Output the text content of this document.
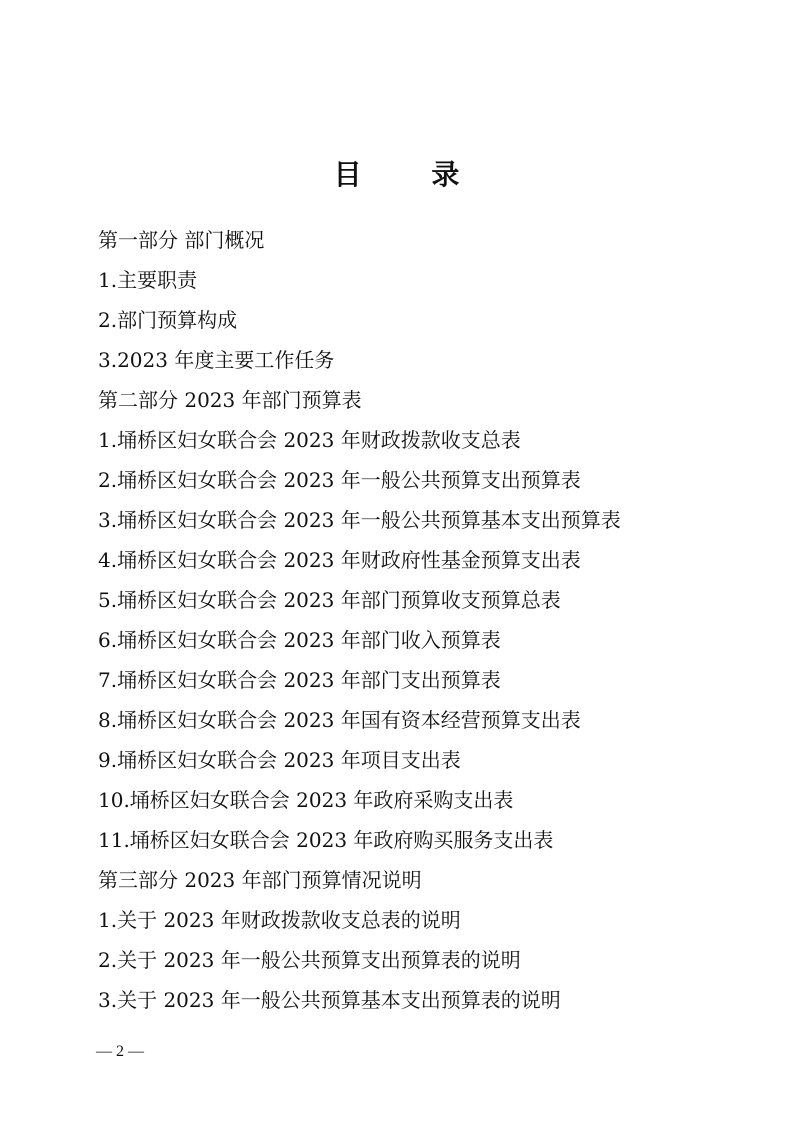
目 录
第一部分 部门概况
1.主要职责
2.部门预算构成
3.2023 年度主要工作任务
第二部分 2023 年部门预算表
1.埇桥区妇女联合会 2023 年财政拨款收支总表
2.埇桥区妇女联合会 2023 年一般公共预算支出预算表
3.埇桥区妇女联合会 2023 年一般公共预算基本支出预算表
4.埇桥区妇女联合会 2023 年财政府性基金预算支出表
5.埇桥区妇女联合会 2023 年部门预算收支预算总表
6.埇桥区妇女联合会 2023 年部门收入预算表
7.埇桥区妇女联合会 2023 年部门支出预算表
8.埇桥区妇女联合会 2023 年国有资本经营预算支出表
9.埇桥区妇女联合会 2023 年项目支出表
10.埇桥区妇女联合会 2023 年政府采购支出表
11.埇桥区妇女联合会 2023 年政府购买服务支出表
第三部分 2023 年部门预算情况说明
1.关于 2023 年财政拨款收支总表的说明
2.关于 2023 年一般公共预算支出预算表的说明
3.关于 2023 年一般公共预算基本支出预算表的说明
— 2 —
